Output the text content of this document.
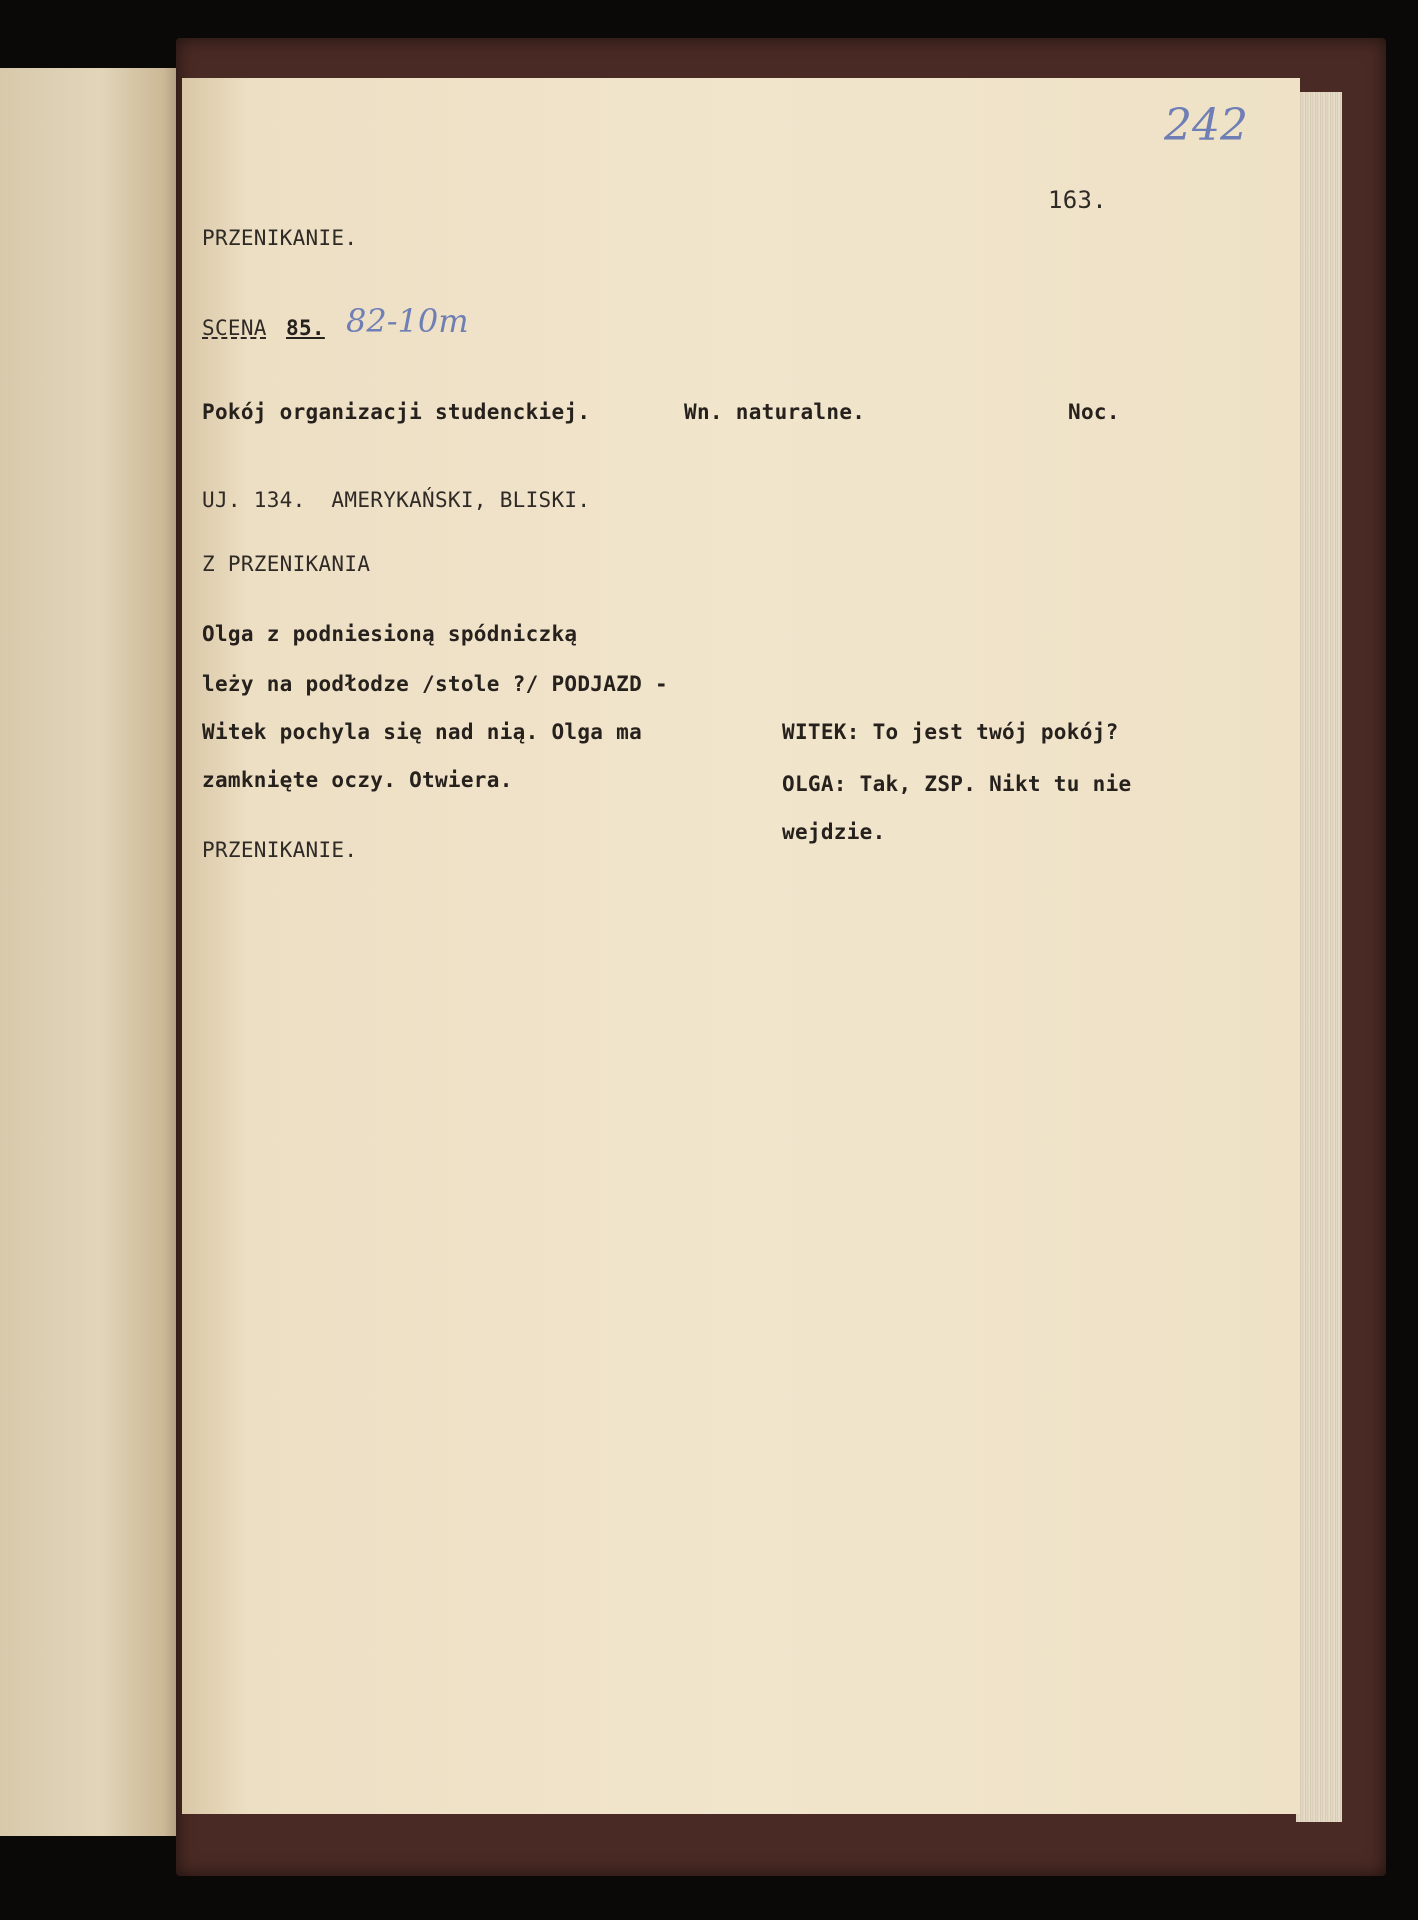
242

163.

PRZENIKANIE.

SCENA 85. 82-10m
Pokój organizacji studenckiej.	Wn. naturalne.	Noc.

UJ. 134.  AMERYKAŃSKI, BLISKI.

Z PRZENIKANIA

Olga z podniesioną spódniczką

leży na podłodze /stole ?/ PODJAZD -

Witek pochyla się nad nią. Olga ma

zamknięte oczy. Otwiera.

PRZENIKANIE.

WITEK: To jest twój pokój?

OLGA: Tak, ZSP. Nikt tu nie

wejdzie.
